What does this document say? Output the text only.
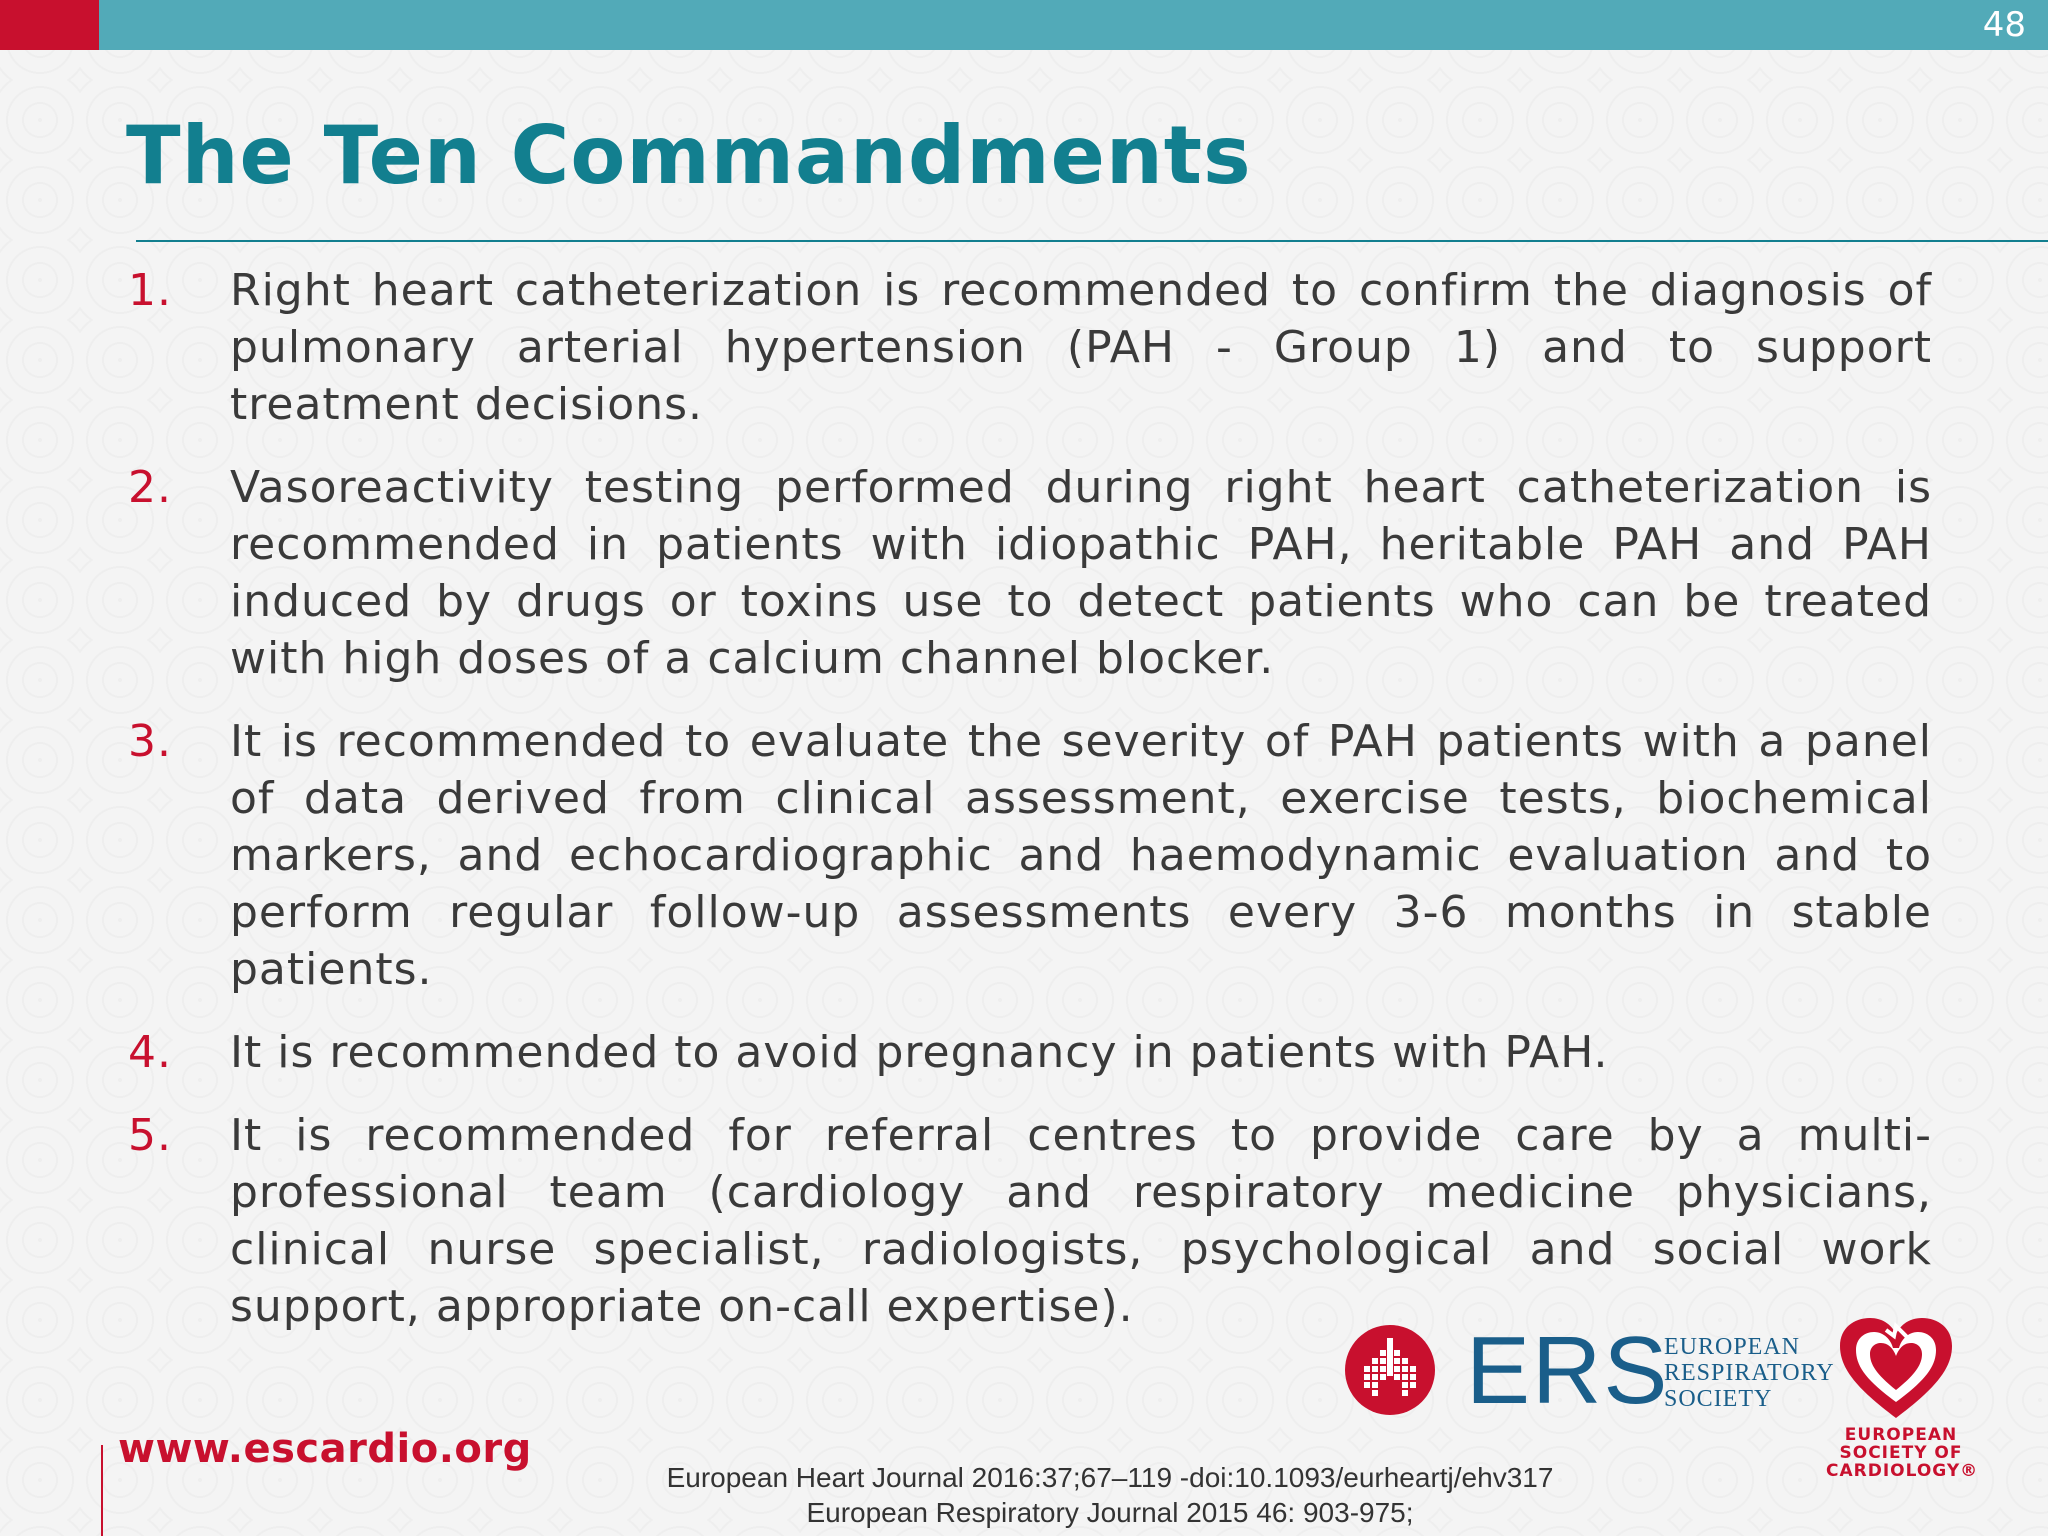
48
The Ten Commandments
1. Right heart catheterization is recommended to confirm the diagnosis of pulmonary arterial hypertension (PAH - Group 1) and to support treatment decisions.
2. Vasoreactivity testing performed during right heart catheterization is recommended in patients with idiopathic PAH, heritable PAH and PAH induced by drugs or toxins use to detect patients who can be treated with high doses of a calcium channel blocker.
3. It is recommended to evaluate the severity of PAH patients with a panel of data derived from clinical assessment, exercise tests, biochemical markers, and echocardiographic and haemodynamic evaluation and to perform regular follow-up assessments every 3-6 months in stable patients.
4. It is recommended to avoid pregnancy in patients with PAH.
5. It is recommended for referral centres to provide care by a multi-professional team (cardiology and respiratory medicine physicians, clinical nurse specialist, radiologists, psychological and social work support, appropriate on-call expertise).
www.escardio.org
European Heart Journal 2016:37;67–119 -doi:10.1093/eurheartj/ehv317
European Respiratory Journal 2015 46: 903-975;
ERS
EUROPEAN
RESPIRATORY
SOCIETY
EUROPEAN
SOCIETY OF
CARDIOLOGY®
